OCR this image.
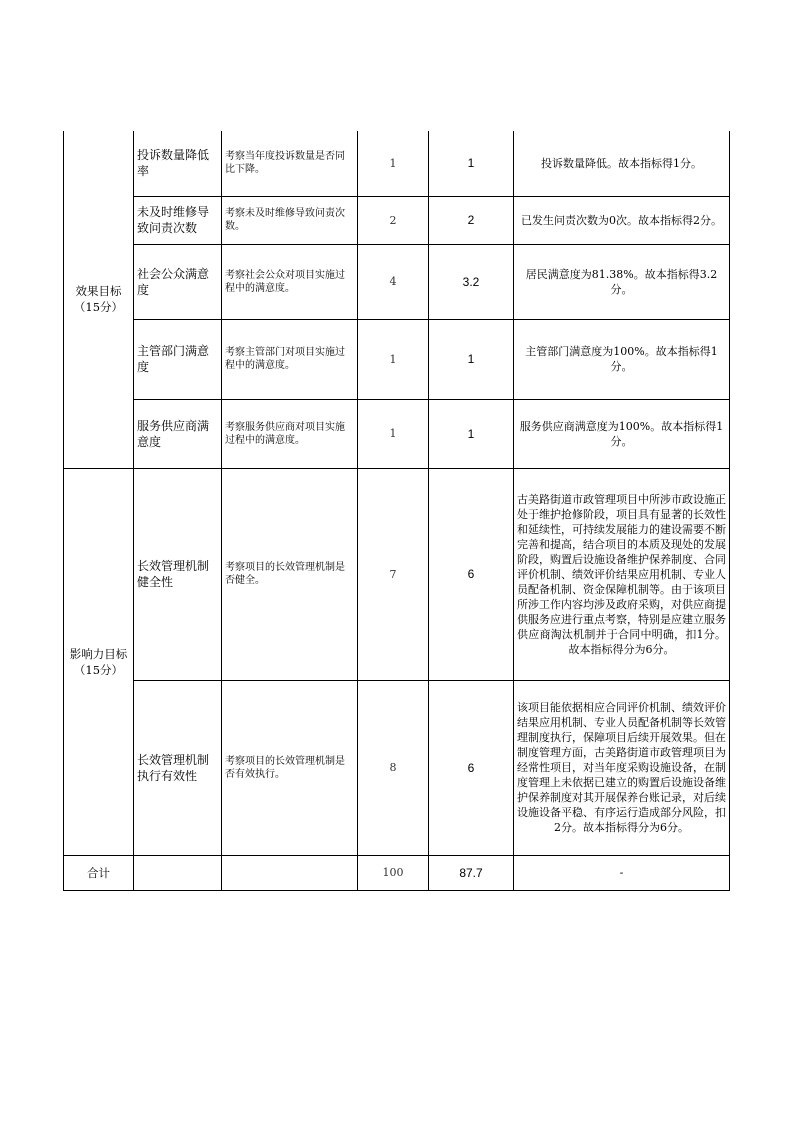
效果目标
（15分）	投诉数量降低率	考察当年度投诉数量是否同比下降。	1	1	投诉数量降低。故本指标得1分。
	未及时维修导致问责次数	考察未及时维修导致问责次数。	2	2	已发生问责次数为0次。故本指标得2分。
	社会公众满意度	考察社会公众对项目实施过程中的满意度。	4	3.2	居民满意度为81.38%。故本指标得3.2分。
	主管部门满意度	考察主管部门对项目实施过程中的满意度。	1	1	主管部门满意度为100%。故本指标得1分。
	服务供应商满意度	考察服务供应商对项目实施过程中的满意度。	1	1	服务供应商满意度为100%。故本指标得1分。

影响力目标
（15分）	长效管理机制健全性	考察项目的长效管理机制是否健全。	7	6	古美路街道市政管理项目中所涉市政设施正处于维护抢修阶段，项目具有显著的长效性和延续性，可持续发展能力的建设需要不断完善和提高，结合项目的本质及现处的发展阶段，购置后设施设备维护保养制度、合同评价机制、绩效评价结果应用机制、专业人员配备机制、资金保障机制等。由于该项目所涉工作内容均涉及政府采购，对供应商提供服务应进行重点考察，特别是应建立服务供应商淘汰机制并于合同中明确，扣1分。故本指标得分为6分。
	长效管理机制执行有效性	考察项目的长效管理机制是否有效执行。	8	6	该项目能依据相应合同评价机制、绩效评价结果应用机制、专业人员配备机制等长效管理制度执行，保障项目后续开展效果。但在制度管理方面，古美路街道市政管理项目为经常性项目，对当年度采购设施设备，在制度管理上未依据已建立的购置后设施设备维护保养制度对其开展保养台账记录，对后续设施设备平稳、有序运行造成部分风险，扣2分。故本指标得分为6分。
合计			100	87.7	-
